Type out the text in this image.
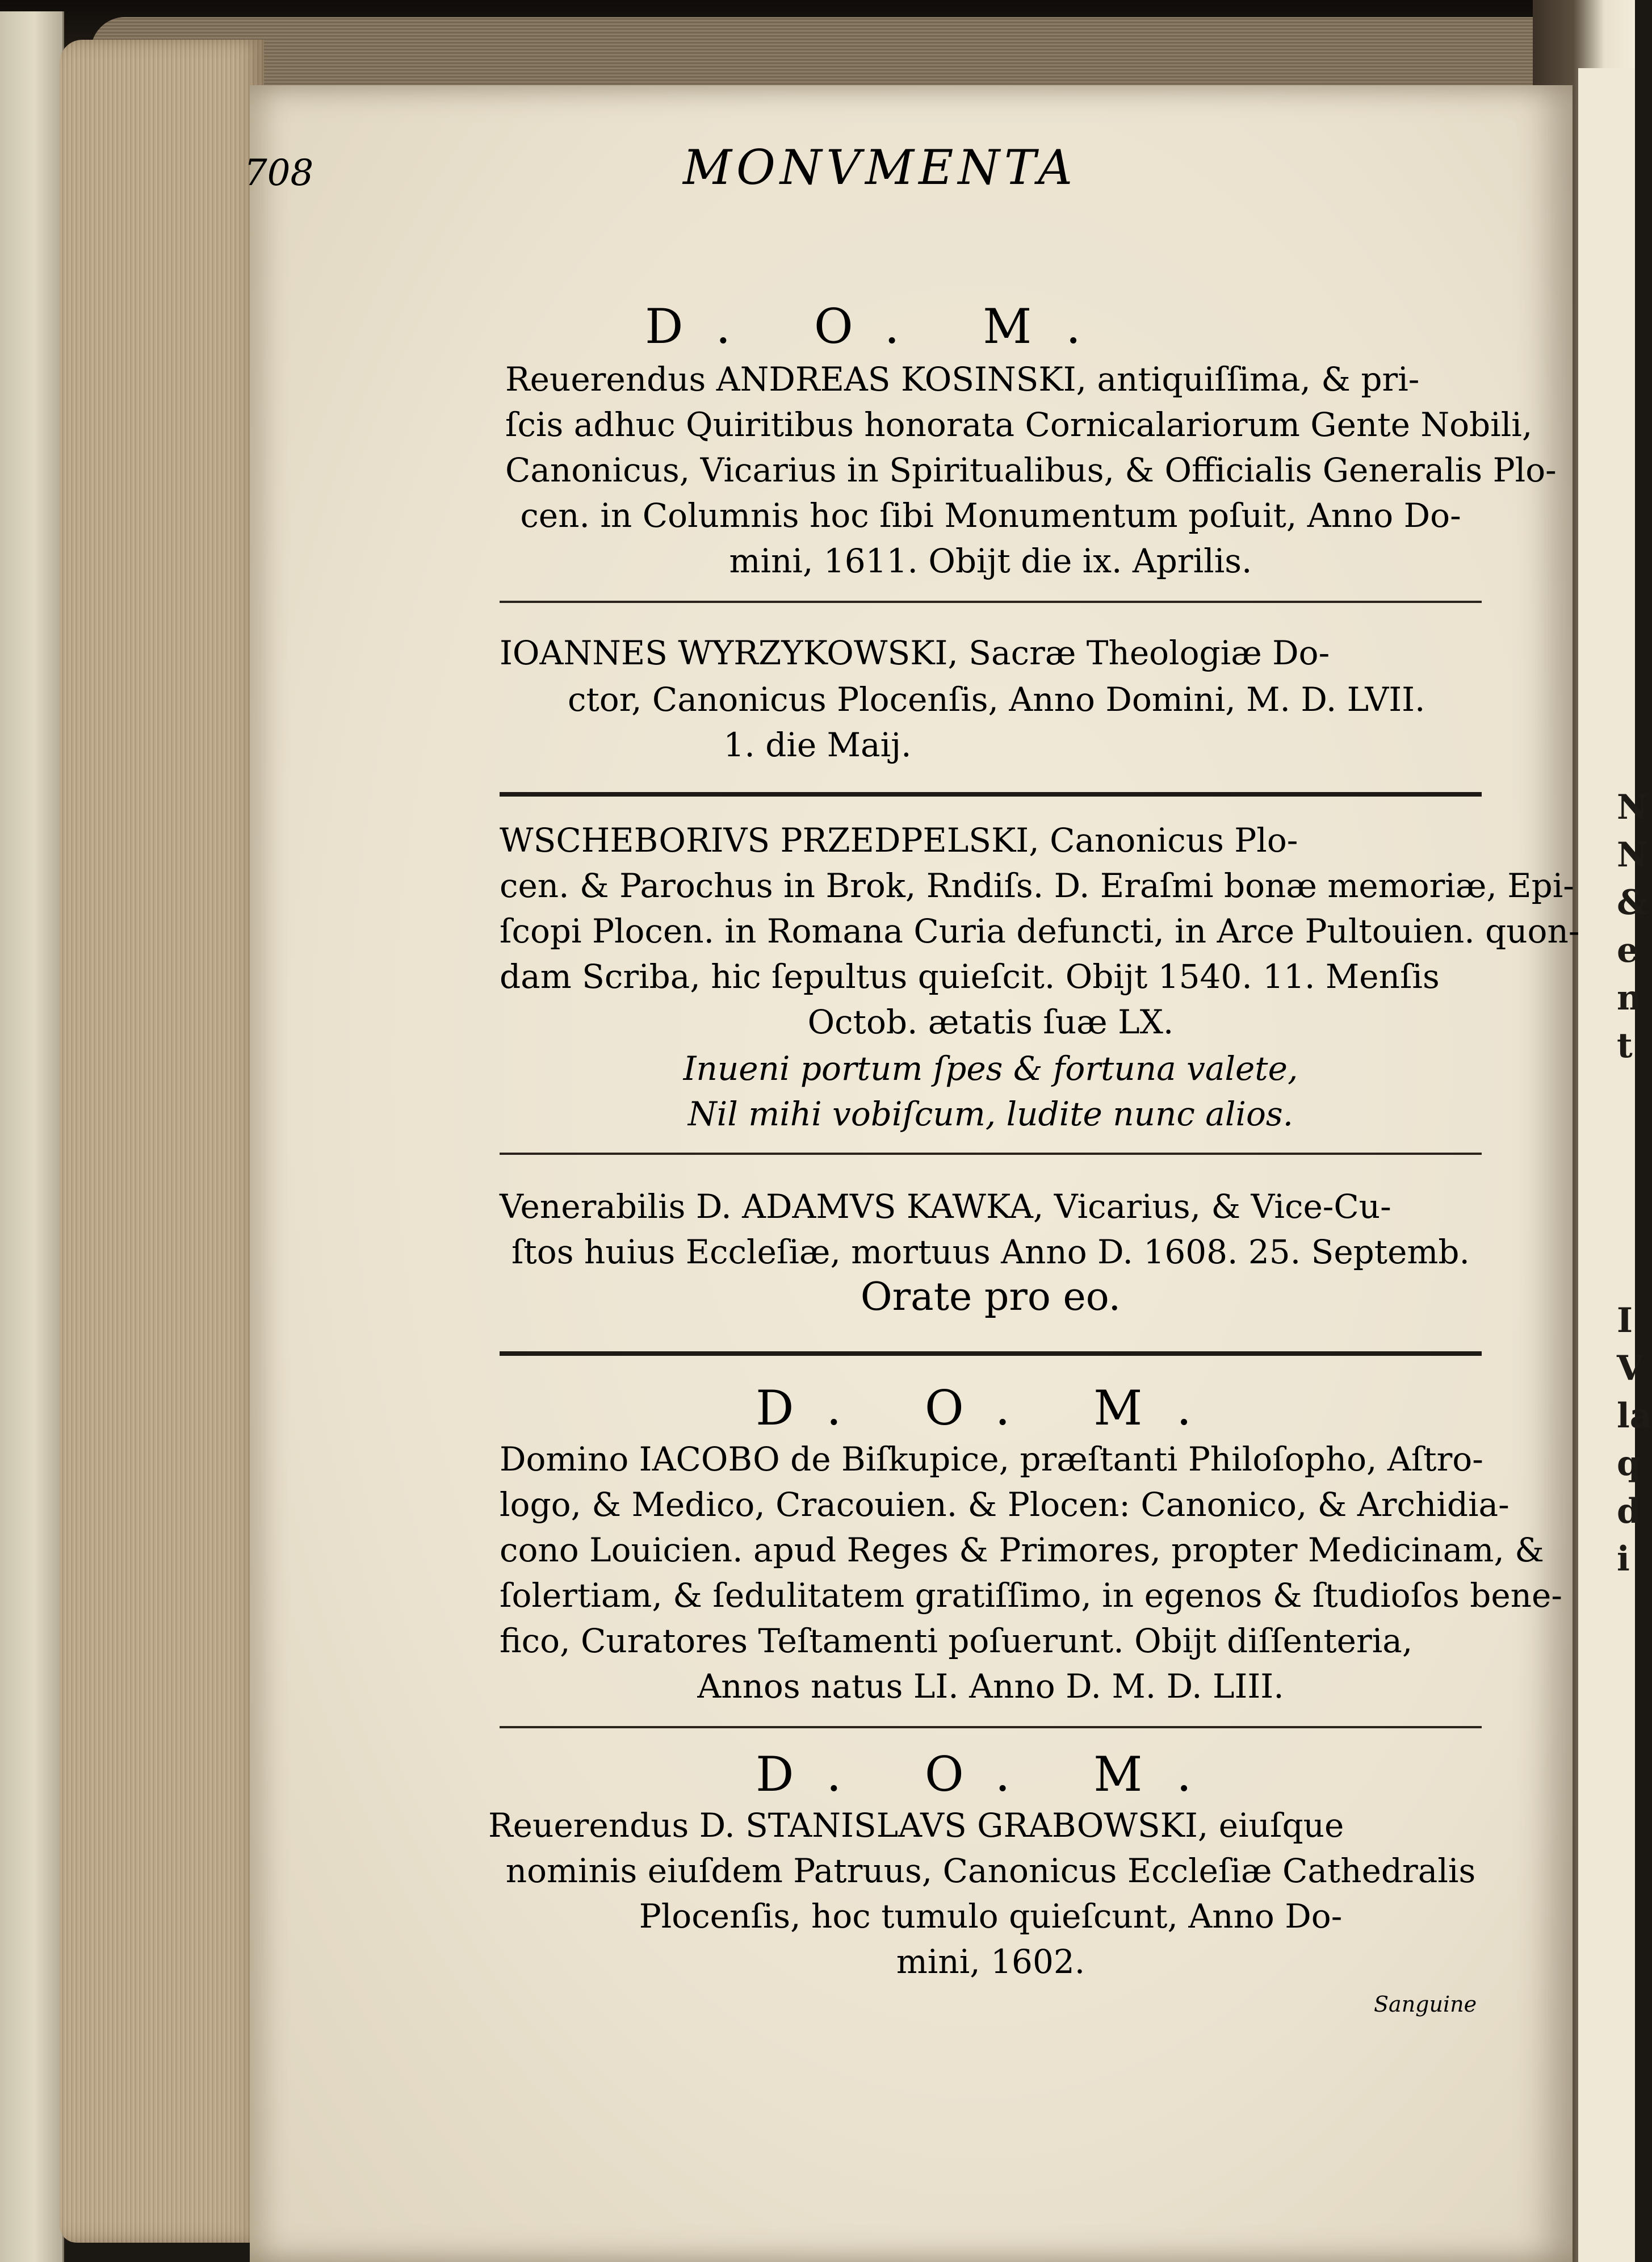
N
N
&
e
n
t
I
V
la
q
d
i
708	MONVMENTA
D. O. M.
Reuerendus ANDREAS KOSINSKI, antiquiſſima, & pri-
ſcis adhuc Quiritibus honorata Cornicalariorum Gente Nobili,
Canonicus, Vicarius in Spiritualibus, & Officialis Generalis Plo-
cen. in Columnis hoc ſibi Monumentum poſuit, Anno Do-
mini, 1611. Obijt die ix. Aprilis.
IOANNES WYRZYKOWSKI, Sacræ Theologiæ Do-
ctor, Canonicus Plocenſis, Anno Domini, M. D. LVII.
1. die Maij.
WSCHEBORIVS PRZEDPELSKI, Canonicus Plo-
cen. & Parochus in Brok, Rndiſs. D. Eraſmi bonæ memoriæ, Epi-
ſcopi Plocen. in Romana Curia defuncti, in Arce Pultouien. quon-
dam Scriba, hic ſepultus quieſcit. Obijt 1540. 11. Menſis
Octob. ætatis ſuæ LX.
Inueni portum ſpes & fortuna valete,
Nil mihi vobiſcum, ludite nunc alios.
Venerabilis D. ADAMVS KAWKA, Vicarius, & Vice-Cu-
ſtos huius Eccleſiæ, mortuus Anno D. 1608. 25. Septemb.
Orate pro eo.
D. O. M.
Domino IACOBO de Biſkupice, præſtanti Philoſopho, Aſtro-
logo, & Medico, Cracouien. & Plocen: Canonico, & Archidia-
cono Louicien. apud Reges & Primores, propter Medicinam, &
ſolertiam, & ſedulitatem gratiſſimo, in egenos & ſtudioſos bene-
fico, Curatores Teſtamenti poſuerunt. Obijt diſſenteria,
Annos natus LI. Anno D. M. D. LIII.
D. O. M.
Reuerendus D. STANISLAVS GRABOWSKI, eiuſque
nominis eiuſdem Patruus, Canonicus Eccleſiæ Cathedralis
Plocenſis, hoc tumulo quieſcunt, Anno Do-
mini, 1602.
Sanguine
